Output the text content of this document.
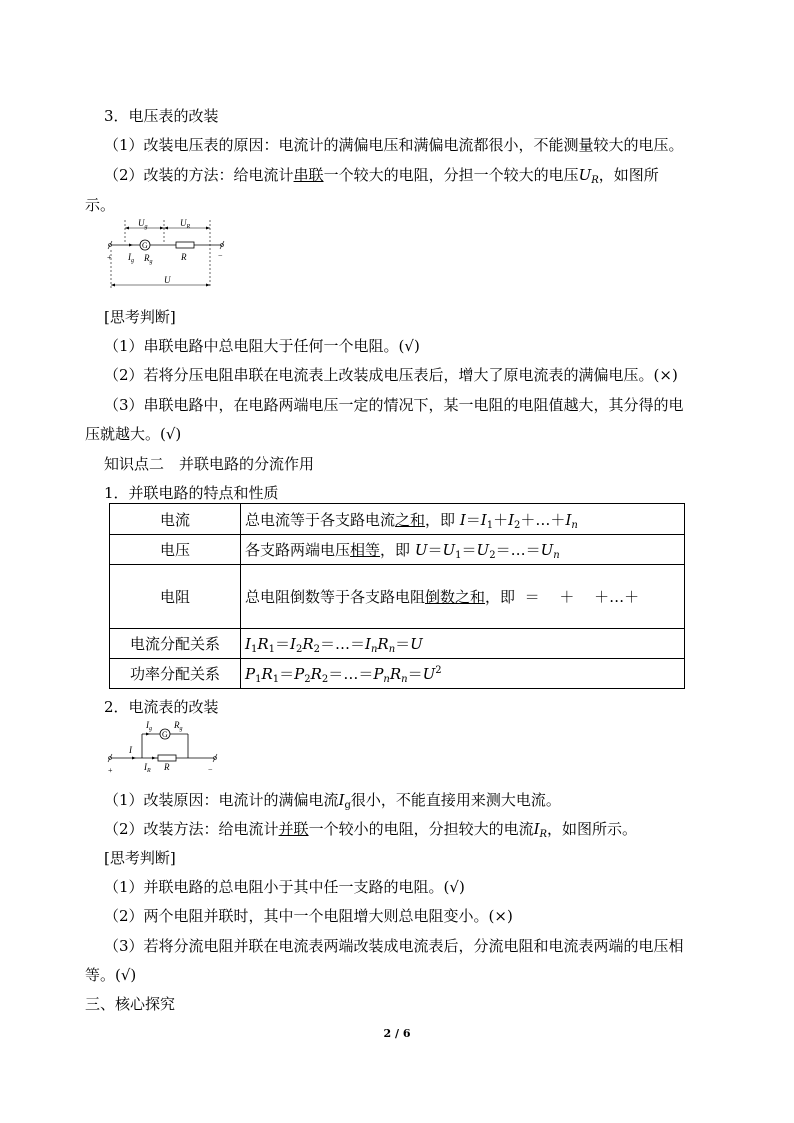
3．电压表的改装
（1）改装电压表的原因：电流计的满偏电压和满偏电流都很小，不能测量较大的电压。
（2）改装的方法：给电流计串联一个较大的电阻，分担一个较大的电压$U_R$，如图所
示。
$U_g$	$U_R$
G
$I_g$ $R_g$	R
+	−
U
[思考判断]
（1）串联电路中总电阻大于任何一个电阻。(√)
（2）若将分压电阻串联在电流表上改装成电压表后，增大了原电流表的满偏电压。(×)
（3）串联电路中，在电路两端电压一定的情况下，某一电阻的电阻值越大，其分得的电
压就越大。(√)
知识点二　并联电路的分流作用
1．并联电路的特点和性质
电流	总电流等于各支路电流之和，即 $I=I_1+I_2+\dots+I_n$
电压	各支路两端电压相等，即 $U=U_1=U_2=\dots=U_n$
电阻	总电阻倒数等于各支路电阻倒数之和，即  ＝　 ＋　 ＋…＋
电流分配关系	$I_1R_1=I_2R_2=\dots=I_nR_n=U$
功率分配关系	$P_1R_1=P_2R_2=\dots=P_nR_n=U^2$
2．电流表的改装
G
$I_g$ $R_g$
I
$I_R$ R
+	−
（1）改装原因：电流计的满偏电流$I_g$很小，不能直接用来测大电流。
（2）改装方法：给电流计并联一个较小的电阻，分担较大的电流$I_R$，如图所示。
[思考判断]
（1）并联电路的总电阻小于其中任一支路的电阻。(√)
（2）两个电阻并联时，其中一个电阻增大则总电阻变小。(×)
（3）若将分流电阻并联在电流表两端改装成电流表后，分流电阻和电流表两端的电压相
等。(√)
三、核心探究
2 / 6
